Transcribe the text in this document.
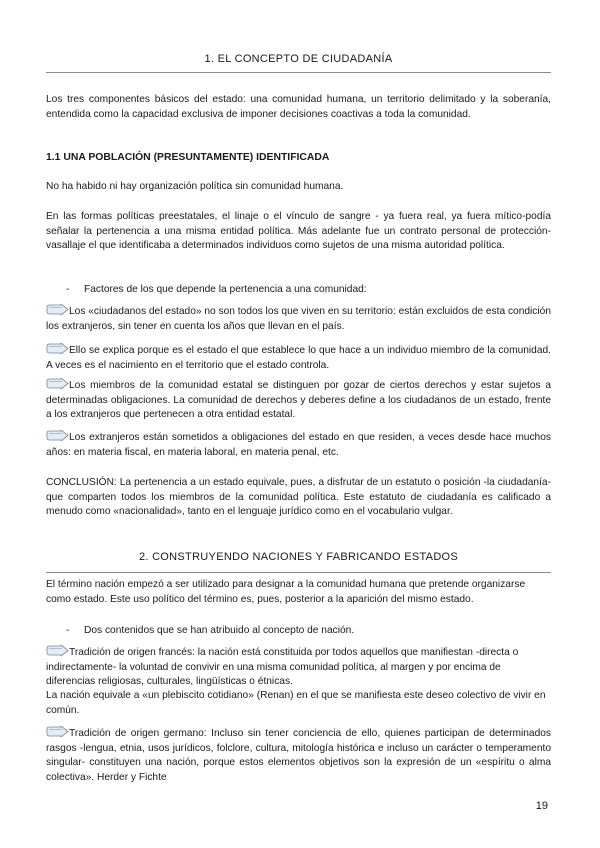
1. EL CONCEPTO DE CIUDADANÍA

Los tres componentes básicos del estado: una comunidad humana, un territorio delimitado y la soberanía, entendida como la capacidad exclusiva de imponer decisiones coactivas a toda la comunidad.

1.1 UNA POBLACIÓN (PRESUNTAMENTE) IDENTIFICADA

No ha habido ni hay organización política sin comunidad humana.

En las formas políticas preestatales, el linaje o el vínculo de sangre - ya fuera real, ya fuera mítico-podía señalar la pertenencia a una misma entidad política. Más adelante fue un contrato personal de protección-vasallaje el que identificaba a determinados individuos como sujetos de una misma autoridad política.

- Factores de los que depende la pertenencia a una comunidad:

Los «ciudadanos del estado» no son todos los que viven en su territorio: están excluidos de esta condición los extranjeros, sin tener en cuenta los años que llevan en el país.

Ello se explica porque es el estado el que establece lo que hace a un individuo miembro de la comunidad. A veces es el nacimiento en el territorio que el estado controla.

Los miembros de la comunidad estatal se distinguen por gozar de ciertos derechos y estar sujetos a determinadas obligaciones. La comunidad de derechos y deberes define a los ciudadanos de un estado, frente a los extranjeros que pertenecen a otra entidad estatal.

Los extranjeros están sometidos a obligaciones del estado en que residen, a veces desde hace muchos años: en materia fiscal, en materia laboral, en materia penal, etc.

CONCLUSIÓN: La pertenencia a un estado equivale, pues, a disfrutar de un estatuto o posición -la ciudadanía- que comparten todos los miembros de la comunidad política. Este estatuto de ciudadanía es calificado a menudo como «nacionalidad», tanto en el lenguaje jurídico como en el vocabulario vulgar.

2. CONSTRUYENDO NACIONES Y FABRICANDO ESTADOS

El término nación empezó a ser utilizado para designar a la comunidad humana que pretende organizarse como estado. Este uso político del término es, pues, posterior a la aparición del mismo estado.

- Dos contenidos que se han atribuido al concepto de nación.

Tradición de origen francés: la nación está constituida por todos aquellos que manifiestan -directa o indirectamente- la voluntad de convivir en una misma comunidad política, al margen y por encima de diferencias religiosas, culturales, lingüísticas o étnicas.

La nación equivale a «un plebiscito cotidiano» (Renan) en el que se manifiesta este deseo colectivo de vivir en común.

Tradición de origen germano: Incluso sin tener conciencia de ello, quienes participan de determinados rasgos -lengua, etnia, usos jurídicos, folclore, cultura, mitología histórica e incluso un carácter o temperamento singular- constituyen una nación, porque estos elementos objetivos son la expresión de un «espíritu o alma colectiva». Herder y Fichte

19
